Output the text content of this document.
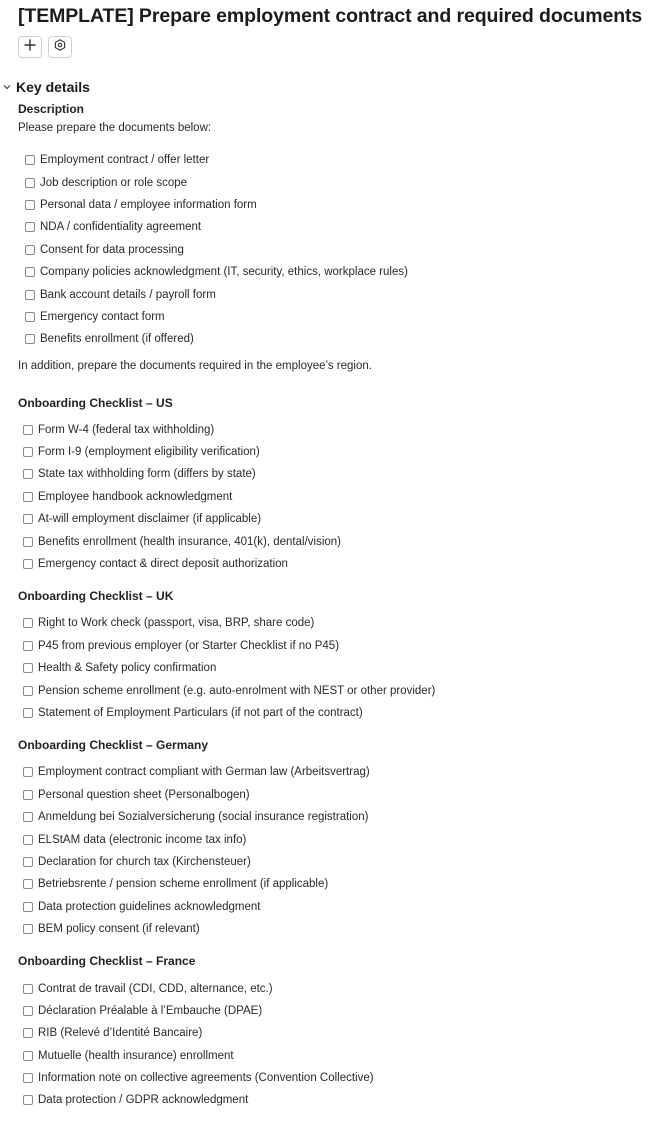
[TEMPLATE] Prepare employment contract and required documents
Key details
Description
Please prepare the documents below:
Employment contract / offer letter
Job description or role scope
Personal data / employee information form
NDA / confidentiality agreement
Consent for data processing
Company policies acknowledgment (IT, security, ethics, workplace rules)
Bank account details / payroll form
Emergency contact form
Benefits enrollment (if offered)
In addition, prepare the documents required in the employee’s region.
Onboarding Checklist – US
Form W-4 (federal tax withholding)
Form I-9 (employment eligibility verification)
State tax withholding form (differs by state)
Employee handbook acknowledgment
At-will employment disclaimer (if applicable)
Benefits enrollment (health insurance, 401(k), dental/vision)
Emergency contact & direct deposit authorization
Onboarding Checklist – UK
Right to Work check (passport, visa, BRP, share code)
P45 from previous employer (or Starter Checklist if no P45)
Health & Safety policy confirmation
Pension scheme enrollment (e.g. auto-enrolment with NEST or other provider)
Statement of Employment Particulars (if not part of the contract)
Onboarding Checklist – Germany
Employment contract compliant with German law (Arbeitsvertrag)
Personal question sheet (Personalbogen)
Anmeldung bei Sozialversicherung (social insurance registration)
ELStAM data (electronic income tax info)
Declaration for church tax (Kirchensteuer)
Betriebsrente / pension scheme enrollment (if applicable)
Data protection guidelines acknowledgment
BEM policy consent (if relevant)
Onboarding Checklist – France
Contrat de travail (CDI, CDD, alternance, etc.)
Déclaration Préalable à l’Embauche (DPAE)
RIB (Relevé d’Identité Bancaire)
Mutuelle (health insurance) enrollment
Information note on collective agreements (Convention Collective)
Data protection / GDPR acknowledgment
